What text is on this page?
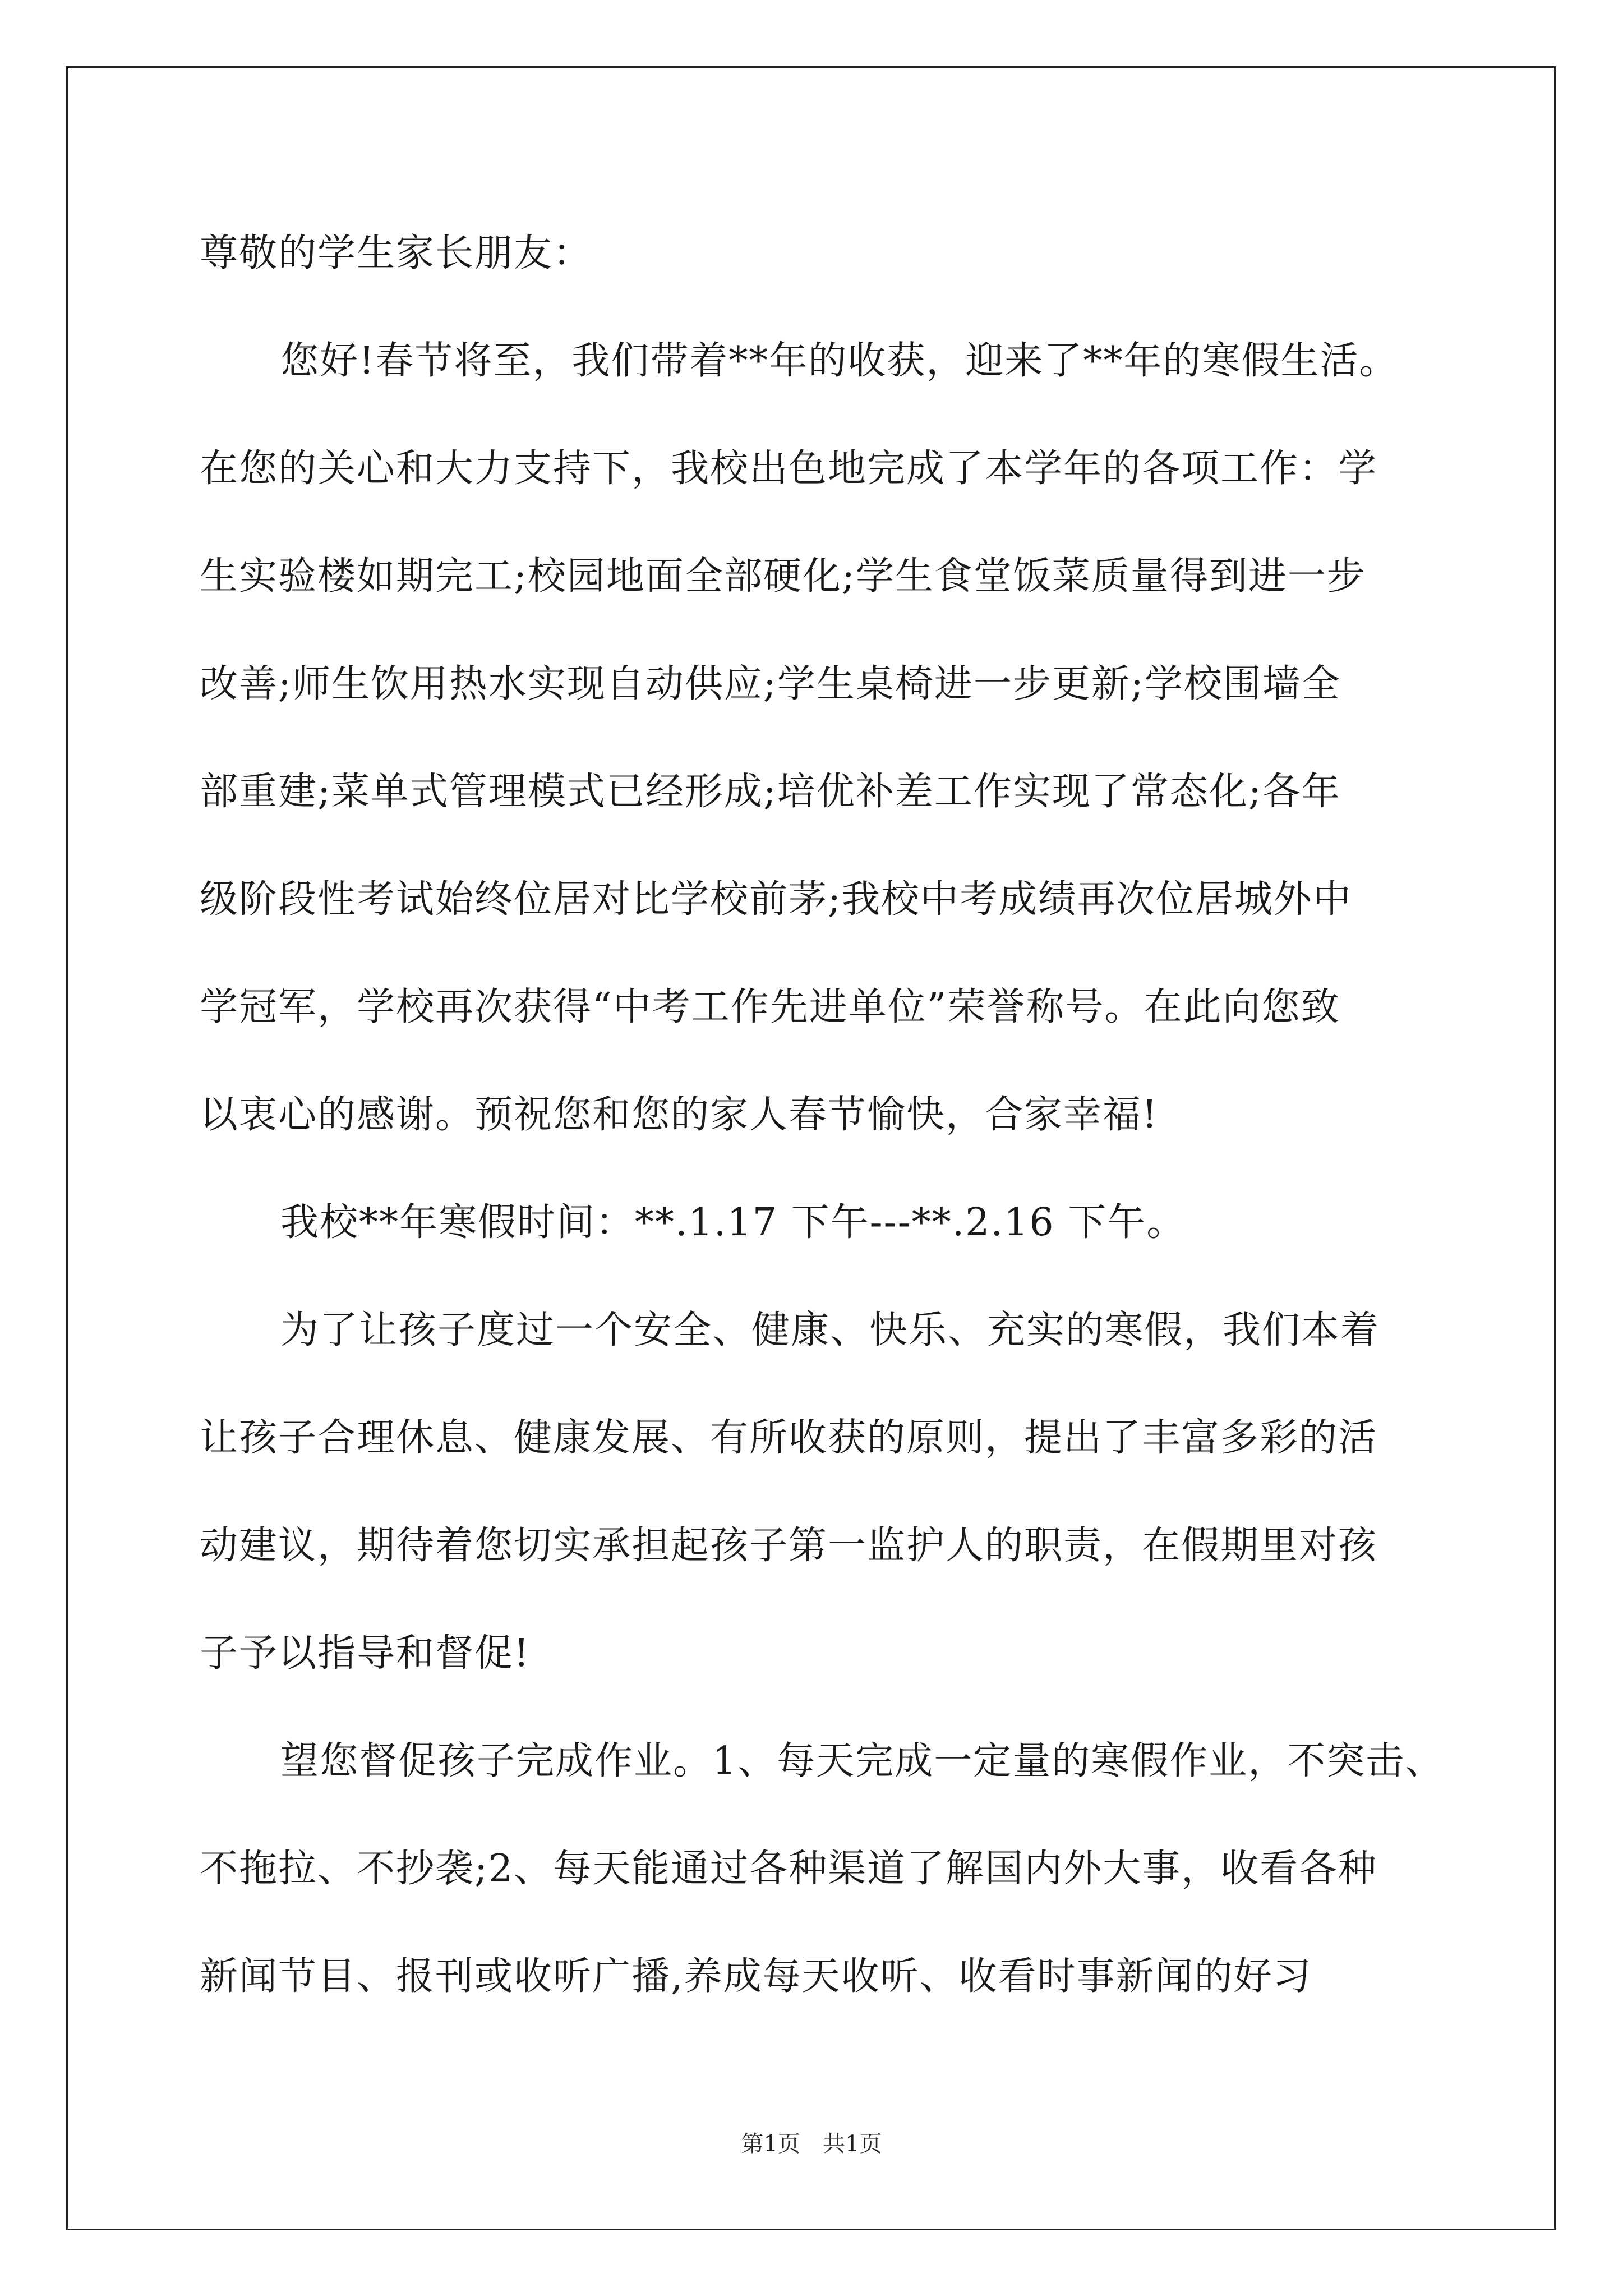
尊敬的学生家长朋友：
您好!春节将至，我们带着**年的收获，迎来了**年的寒假生活。
在您的关心和大力支持下，我校出色地完成了本学年的各项工作：学
生实验楼如期完工;校园地面全部硬化;学生食堂饭菜质量得到进一步
改善;师生饮用热水实现自动供应;学生桌椅进一步更新;学校围墙全
部重建;菜单式管理模式已经形成;培优补差工作实现了常态化;各年
级阶段性考试始终位居对比学校前茅;我校中考成绩再次位居城外中
学冠军，学校再次获得“中考工作先进单位”荣誉称号。在此向您致
以衷心的感谢。预祝您和您的家人春节愉快，合家幸福!
我校**年寒假时间：**.1.17 下午---**.2.16 下午。
为了让孩子度过一个安全、健康、快乐、充实的寒假，我们本着
让孩子合理休息、健康发展、有所收获的原则，提出了丰富多彩的活
动建议，期待着您切实承担起孩子第一监护人的职责，在假期里对孩
子予以指导和督促!
望您督促孩子完成作业。1、每天完成一定量的寒假作业，不突击、
不拖拉、不抄袭;2、每天能通过各种渠道了解国内外大事，收看各种
新闻节目、报刊或收听广播,养成每天收听、收看时事新闻的好习
第1页 共1页
